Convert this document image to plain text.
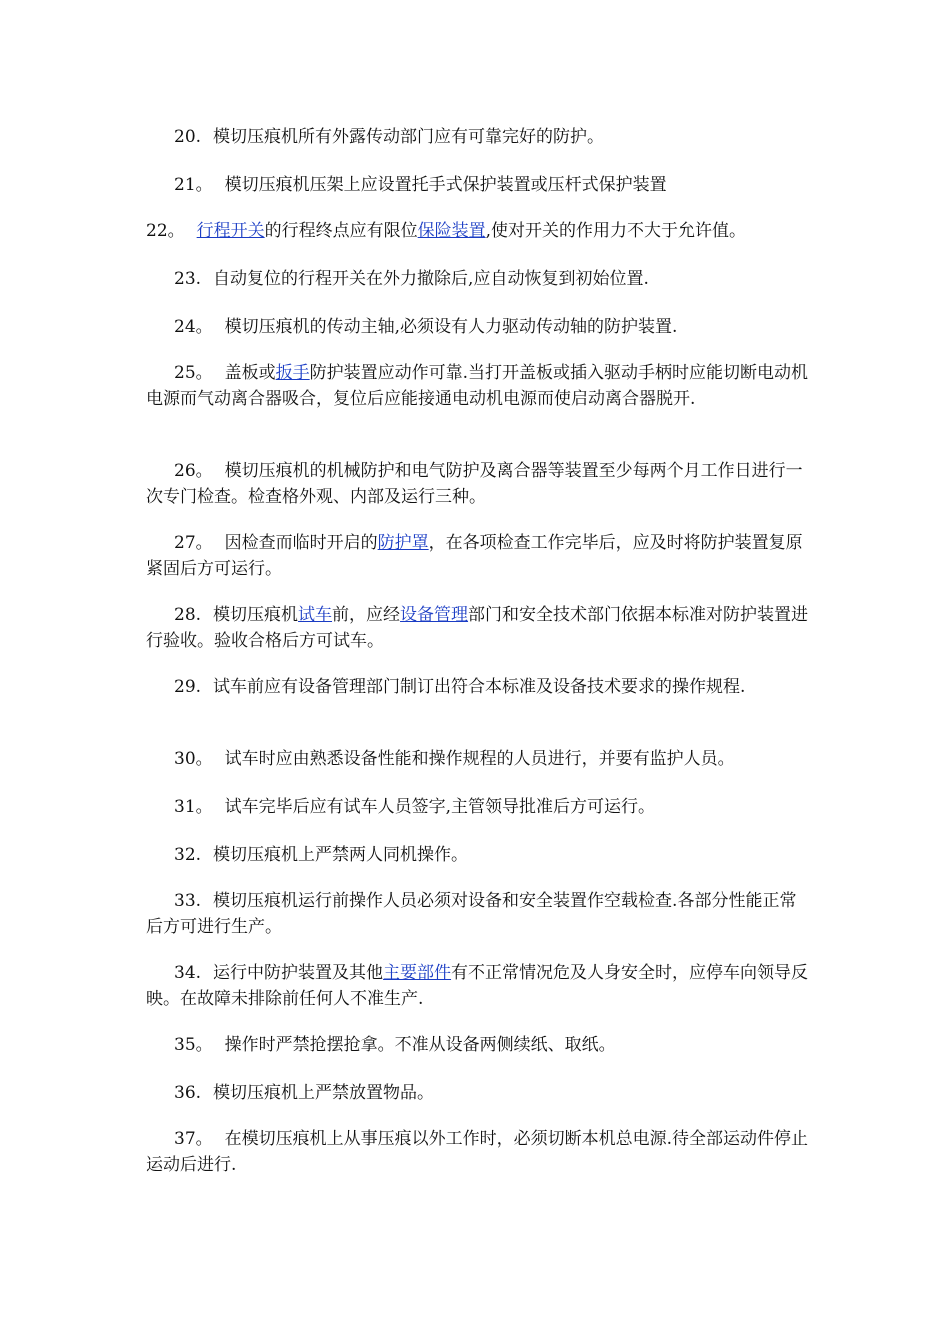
20. 模切压痕机所有外露传动部门应有可靠完好的防护。

21。 模切压痕机压架上应设置托手式保护装置或压杆式保护装置

22。 行程开关的行程终点应有限位保险装置,使对开关的作用力不大于允许值。

23. 自动复位的行程开关在外力撤除后,应自动恢复到初始位置.

24。 模切压痕机的传动主轴,必须设有人力驱动传动轴的防护装置.

25。 盖板或扳手防护装置应动作可靠.当打开盖板或插入驱动手柄时应能切断电动机电源而气动离合器吸合，复位后应能接通电动机电源而使启动离合器脱开.

26。 模切压痕机的机械防护和电气防护及离合器等装置至少每两个月工作日进行一次专门检查。检查格外观、内部及运行三种。

27。 因检查而临时开启的防护罩，在各项检查工作完毕后，应及时将防护装置复原紧固后方可运行。

28. 模切压痕机试车前，应经设备管理部门和安全技术部门依据本标准对防护装置进行验收。验收合格后方可试车。

29. 试车前应有设备管理部门制订出符合本标准及设备技术要求的操作规程.

30。 试车时应由熟悉设备性能和操作规程的人员进行，并要有监护人员。

31。 试车完毕后应有试车人员签字,主管领导批准后方可运行。

32. 模切压痕机上严禁两人同机操作。

33. 模切压痕机运行前操作人员必须对设备和安全装置作空载检查.各部分性能正常后方可进行生产。

34. 运行中防护装置及其他主要部件有不正常情况危及人身安全时，应停车向领导反映。在故障未排除前任何人不准生产.

35。 操作时严禁抢摆抢拿。不准从设备两侧续纸、取纸。

36. 模切压痕机上严禁放置物品。

37。 在模切压痕机上从事压痕以外工作时，必须切断本机总电源.待全部运动件停止运动后进行.
